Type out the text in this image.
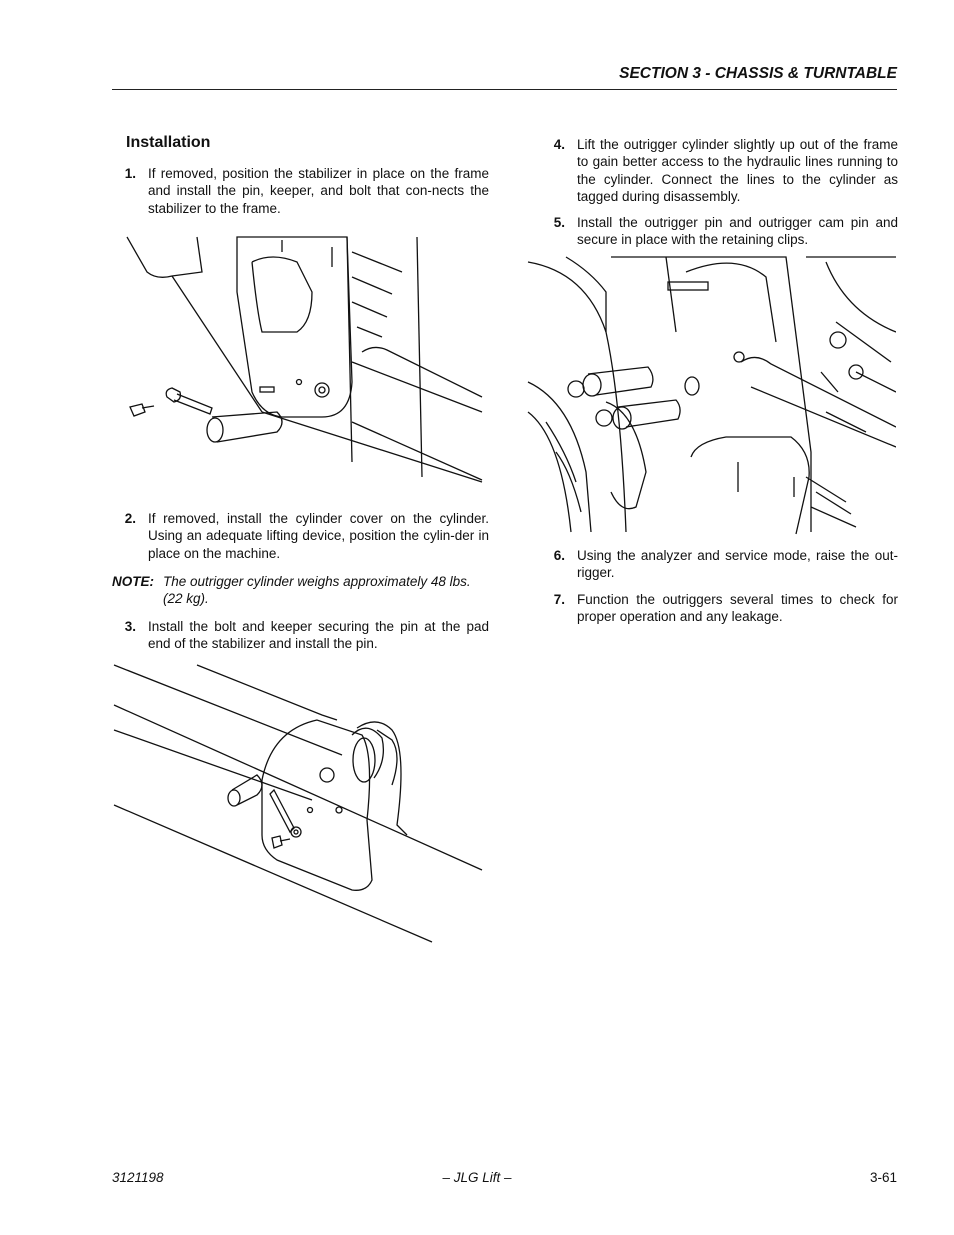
SECTION 3 - CHASSIS & TURNTABLE
Installation
1. If removed, position the stabilizer in place on the frame and install the pin, keeper, and bolt that con-nects the stabilizer to the frame.
2. If removed, install the cylinder cover on the cylinder. Using an adequate lifting device, position the cylin-der in place on the machine.
NOTE: The outrigger cylinder weighs approximately 48 lbs. (22 kg).
3. Install the bolt and keeper securing the pin at the pad end of the stabilizer and install the pin.
4. Lift the outrigger cylinder slightly up out of the frame to gain better access to the hydraulic lines running to the cylinder. Connect the lines to the cylinder as tagged during disassembly.
5. Install the outrigger pin and outrigger cam pin and secure in place with the retaining clips.
6. Using the analyzer and service mode, raise the out-rigger.
7. Function the outriggers several times to check for proper operation and any leakage.
3121198	– JLG Lift –	3-61
